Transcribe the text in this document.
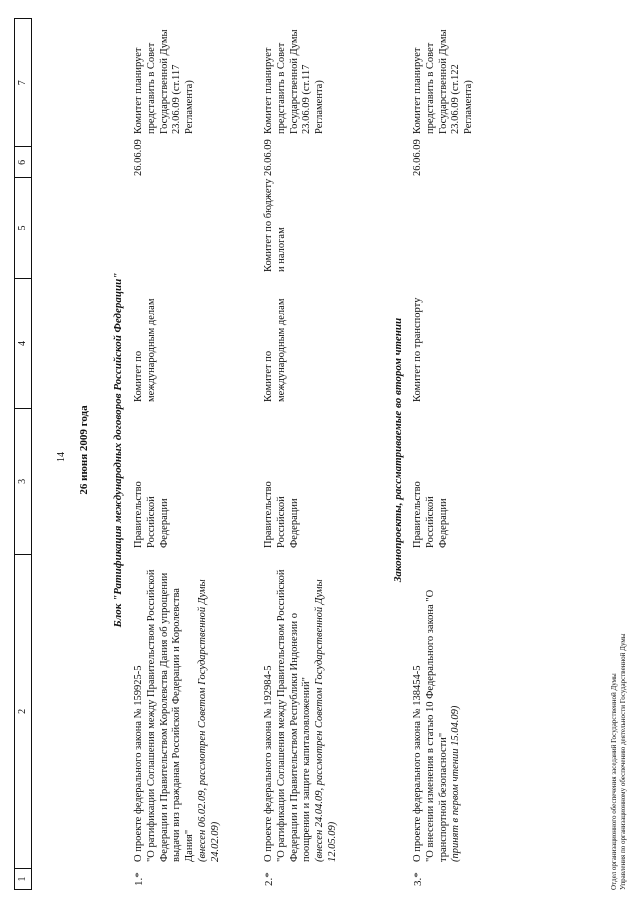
14
1
2
3
4
5
6
7
26 июня 2009 года Блок "Ратификация международных договоров Российской Федерации"
1.*
О проекте федерального закона № 159925-5 "О ратификации Соглашения между Правительством Российской Федерации и Правительством Королевства Дания об упрощении выдачи виз гражданам Российской Федерации и Королевства Дания" (внесен 06.02.09, рассмотрен Советом Государственной Думы 24.02.09)
Правительство Российской Федерации
Комитет по международным делам
26.06.09
Комитет планирует представить в Совет Государственной Думы 23.06.09 (ст.117 Регламента)
2.*
О проекте федерального закона № 192984-5 "О ратификации Соглашения между Правительством Российской Федерации и Правительством Республики Индонезии о поощрении и защите капиталовложений" (внесен 24.04.09, рассмотрен Советом Государственной Думы 12.05.09)
Правительство Российской Федерации
Комитет по международным делам
Комитет по бюджету и налогам
26.06.09
Комитет планирует представить в Совет Государственной Думы 23.06.09 (ст.117 Регламента)
Законопроекты, рассматриваемые во втором чтении
3.*
О проекте федерального закона № 138454-5 "О внесении изменения в статью 10 Федерального закона "О транспортной безопасности" (принят в первом чтении 15.04.09)
Правительство Российской Федерации
Комитет по транспорту
26.06.09
Комитет планирует представить в Совет Государственной Думы 23.06.09 (ст.122 Регламента)
Отдел организационного обеспечения заседаний Государственной Думы Управления по организационному обеспечению деятельности Государственной Думы
